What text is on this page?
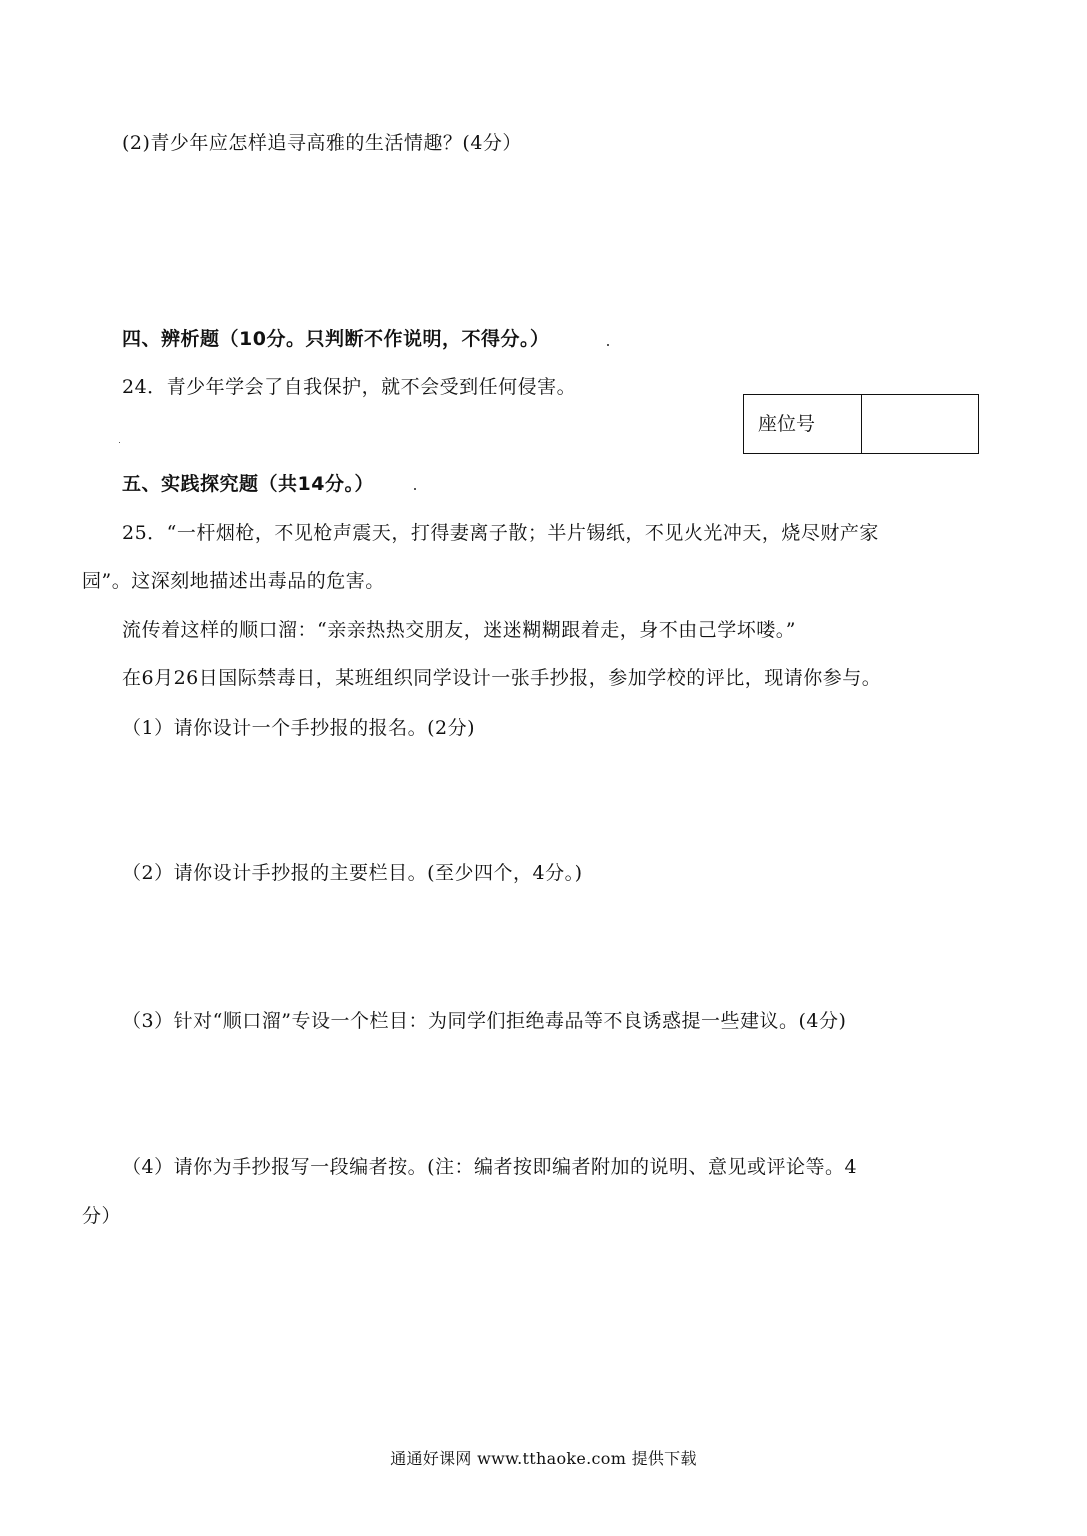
(2)青少年应怎样追寻高雅的生活情趣？(4分）
四、辨析题（10分。只判断不作说明，不得分。）
24．青少年学会了自我保护，就不会受到任何侵害。
座位号
五、实践探究题（共14分。）
25．“一杆烟枪，不见枪声震天，打得妻离子散；半片锡纸，不见火光冲天，烧尽财产家
园”。这深刻地描述出毒品的危害。
流传着这样的顺口溜：“亲亲热热交朋友，迷迷糊糊跟着走，身不由己学坏喽。”
在6月26日国际禁毒日，某班组织同学设计一张手抄报，参加学校的评比，现请你参与。
（1）请你设计一个手抄报的报名。(2分)
（2）请你设计手抄报的主要栏目。(至少四个，4分。)
（3）针对“顺口溜”专设一个栏目：为同学们拒绝毒品等不良诱惑提一些建议。(4分)
（4）请你为手抄报写一段编者按。(注：编者按即编者附加的说明、意见或评论等。4
分）
通通好课网 www.tthaoke.com 提供下载
